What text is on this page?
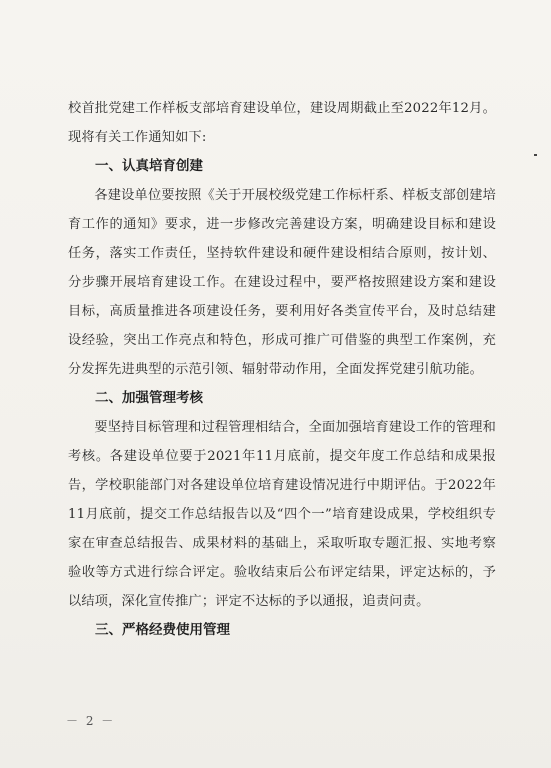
校首批党建工作样板支部培育建设单位，建设周期截止至2022年12月。现将有关工作通知如下:

一、认真培育创建

各建设单位要按照《关于开展校级党建工作标杆系、样板支部创建培育工作的通知》要求，进一步修改完善建设方案，明确建设目标和建设任务，落实工作责任，坚持软件建设和硬件建设相结合原则，按计划、分步骤开展培育建设工作。在建设过程中，要严格按照建设方案和建设目标，高质量推进各项建设任务，要利用好各类宣传平台，及时总结建设经验，突出工作亮点和特色，形成可推广可借鉴的典型工作案例，充分发挥先进典型的示范引领、辐射带动作用，全面发挥党建引航功能。

二、加强管理考核

要坚持目标管理和过程管理相结合，全面加强培育建设工作的管理和考核。各建设单位要于2021年11月底前，提交年度工作总结和成果报告，学校职能部门对各建设单位培育建设情况进行中期评估。于2022年11月底前，提交工作总结报告以及“四个一”培育建设成果，学校组织专家在审查总结报告、成果材料的基础上，采取听取专题汇报、实地考察验收等方式进行综合评定。验收结束后公布评定结果，评定达标的，予以结项，深化宣传推广；评定不达标的予以通报，追责问责。

三、严格经费使用管理
－ 2 －
